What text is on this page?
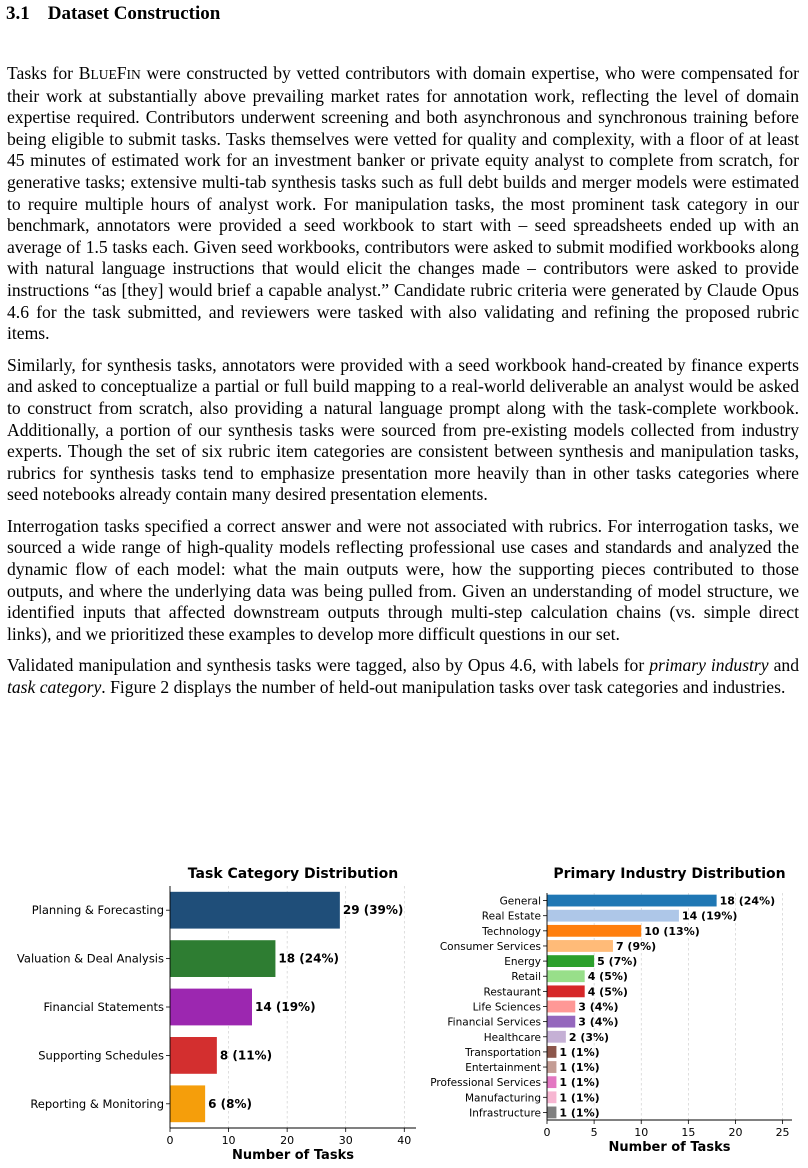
3.1 Dataset Construction

Tasks for BLUEFIN were constructed by vetted contributors with domain expertise, who were compensated for their work at substantially above prevailing market rates for annotation work, reflecting the level of domain expertise required. Contributors underwent screening and both asynchronous and synchronous training before being eligible to submit tasks. Tasks themselves were vetted for quality and complexity, with a floor of at least 45 minutes of estimated work for an investment banker or private equity analyst to complete from scratch, for generative tasks; extensive multi-tab synthesis tasks such as full debt builds and merger models were estimated to require multiple hours of analyst work. For manipulation tasks, the most prominent task category in our benchmark, annotators were provided a seed workbook to start with – seed spreadsheets ended up with an average of 1.5 tasks each. Given seed workbooks, contributors were asked to submit modified workbooks along with natural language instructions that would elicit the changes made – contributors were asked to provide instructions “as [they] would brief a capable analyst.” Candidate rubric criteria were generated by Claude Opus 4.6 for the task submitted, and reviewers were tasked with also validating and refining the proposed rubric items.

Similarly, for synthesis tasks, annotators were provided with a seed workbook hand-created by finance experts and asked to conceptualize a partial or full build mapping to a real-world deliverable an analyst would be asked to construct from scratch, also providing a natural language prompt along with the task-complete workbook. Additionally, a portion of our synthesis tasks were sourced from pre-existing models collected from industry experts. Though the set of six rubric item categories are consistent between synthesis and manipulation tasks, rubrics for synthesis tasks tend to emphasize presentation more heavily than in other tasks categories where seed notebooks already contain many desired presentation elements.

Interrogation tasks specified a correct answer and were not associated with rubrics. For interrogation tasks, we sourced a wide range of high-quality models reflecting professional use cases and standards and analyzed the dynamic flow of each model: what the main outputs were, how the supporting pieces contributed to those outputs, and where the underlying data was being pulled from. Given an understanding of model structure, we identified inputs that affected downstream outputs through multi-step calculation chains (vs. simple direct links), and we prioritized these examples to develop more difficult questions in our set.

Validated manipulation and synthesis tasks were tagged, also by Opus 4.6, with labels for primary industry and task category. Figure 2 displays the number of held-out manipulation tasks over task categories and industries.

Task Category Distribution
0	10	20	30	40
Planning & Forecasting	29 (39%)
Valuation & Deal Analysis	18 (24%)
Financial Statements	14 (19%)
Supporting Schedules	8 (11%)
Reporting & Monitoring	6 (8%)
Number of Tasks
Primary Industry Distribution
0	5	10	15	20	25
General	18 (24%)
Real Estate	14 (19%)
Technology	10 (13%)
Consumer Services	7 (9%)
Energy	5 (7%)
Retail	4 (5%)
Restaurant	4 (5%)
Life Sciences	3 (4%)
Financial Services	3 (4%)
Healthcare	2 (3%)
Transportation 1 (1%)
Entertainment 1 (1%)
Professional Services 1 (1%)
Manufacturing 1 (1%)
Infrastructure 1 (1%)
Number of Tasks
